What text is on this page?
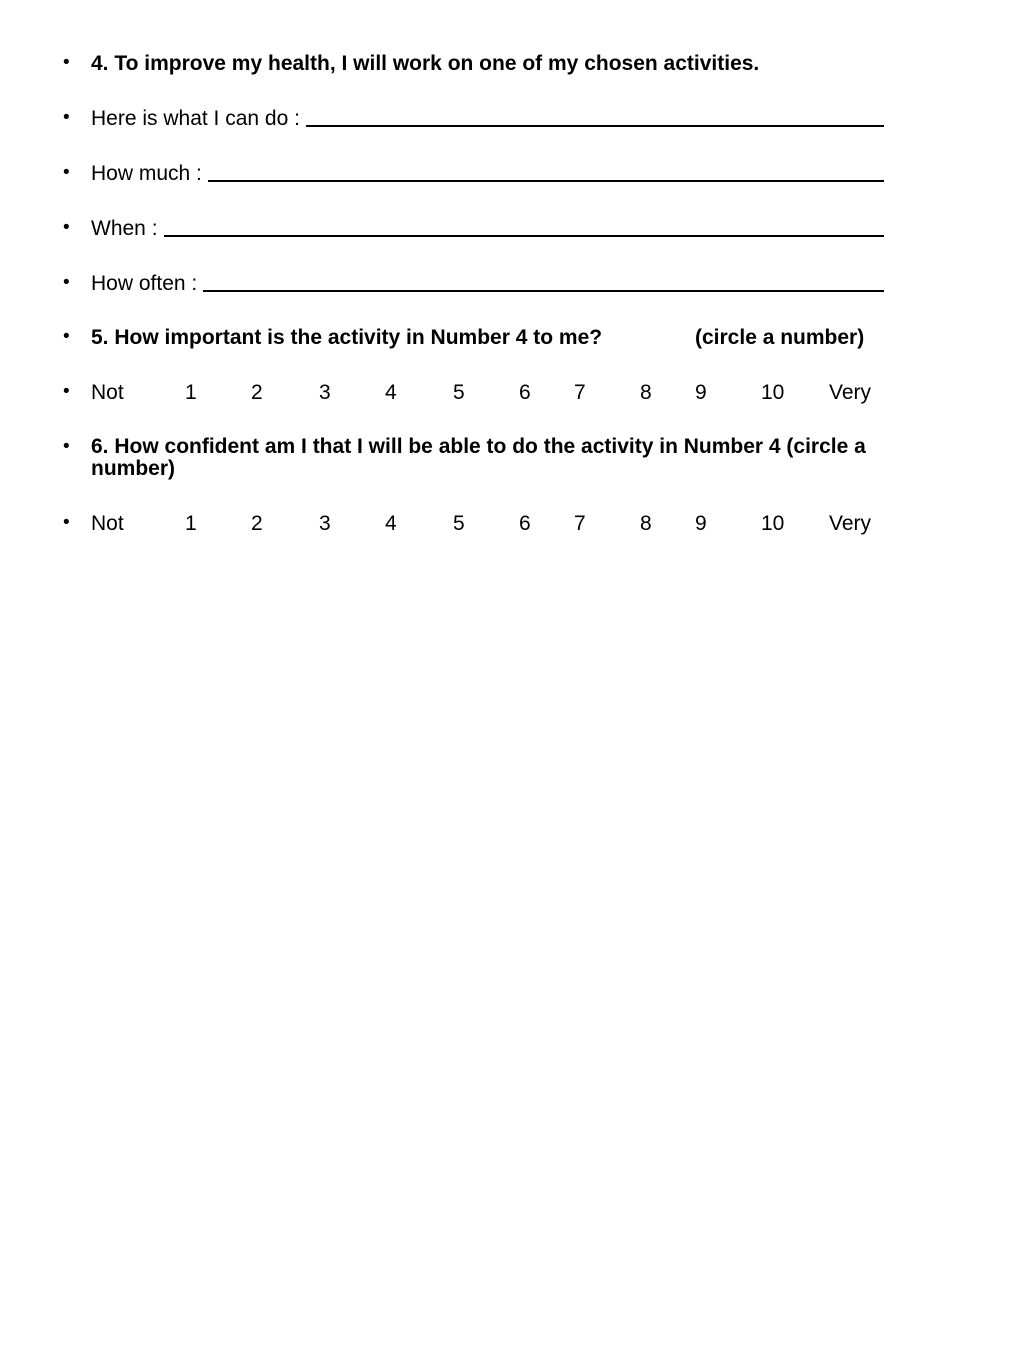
• 4. To improve my health, I will work on one of my chosen activities.
• Here is what I can do :
• How much :
• When :
• How often :
• 5. How important is the activity in Number 4 to me?	(circle a number)
• Not	1	2	3	4	5	6 7	8 9	10 Very
• 6. How confident am I that I will be able to do the activity in Number 4 (circle a number)
• Not	1	2	3	4	5	6 7	8 9	10 Very
